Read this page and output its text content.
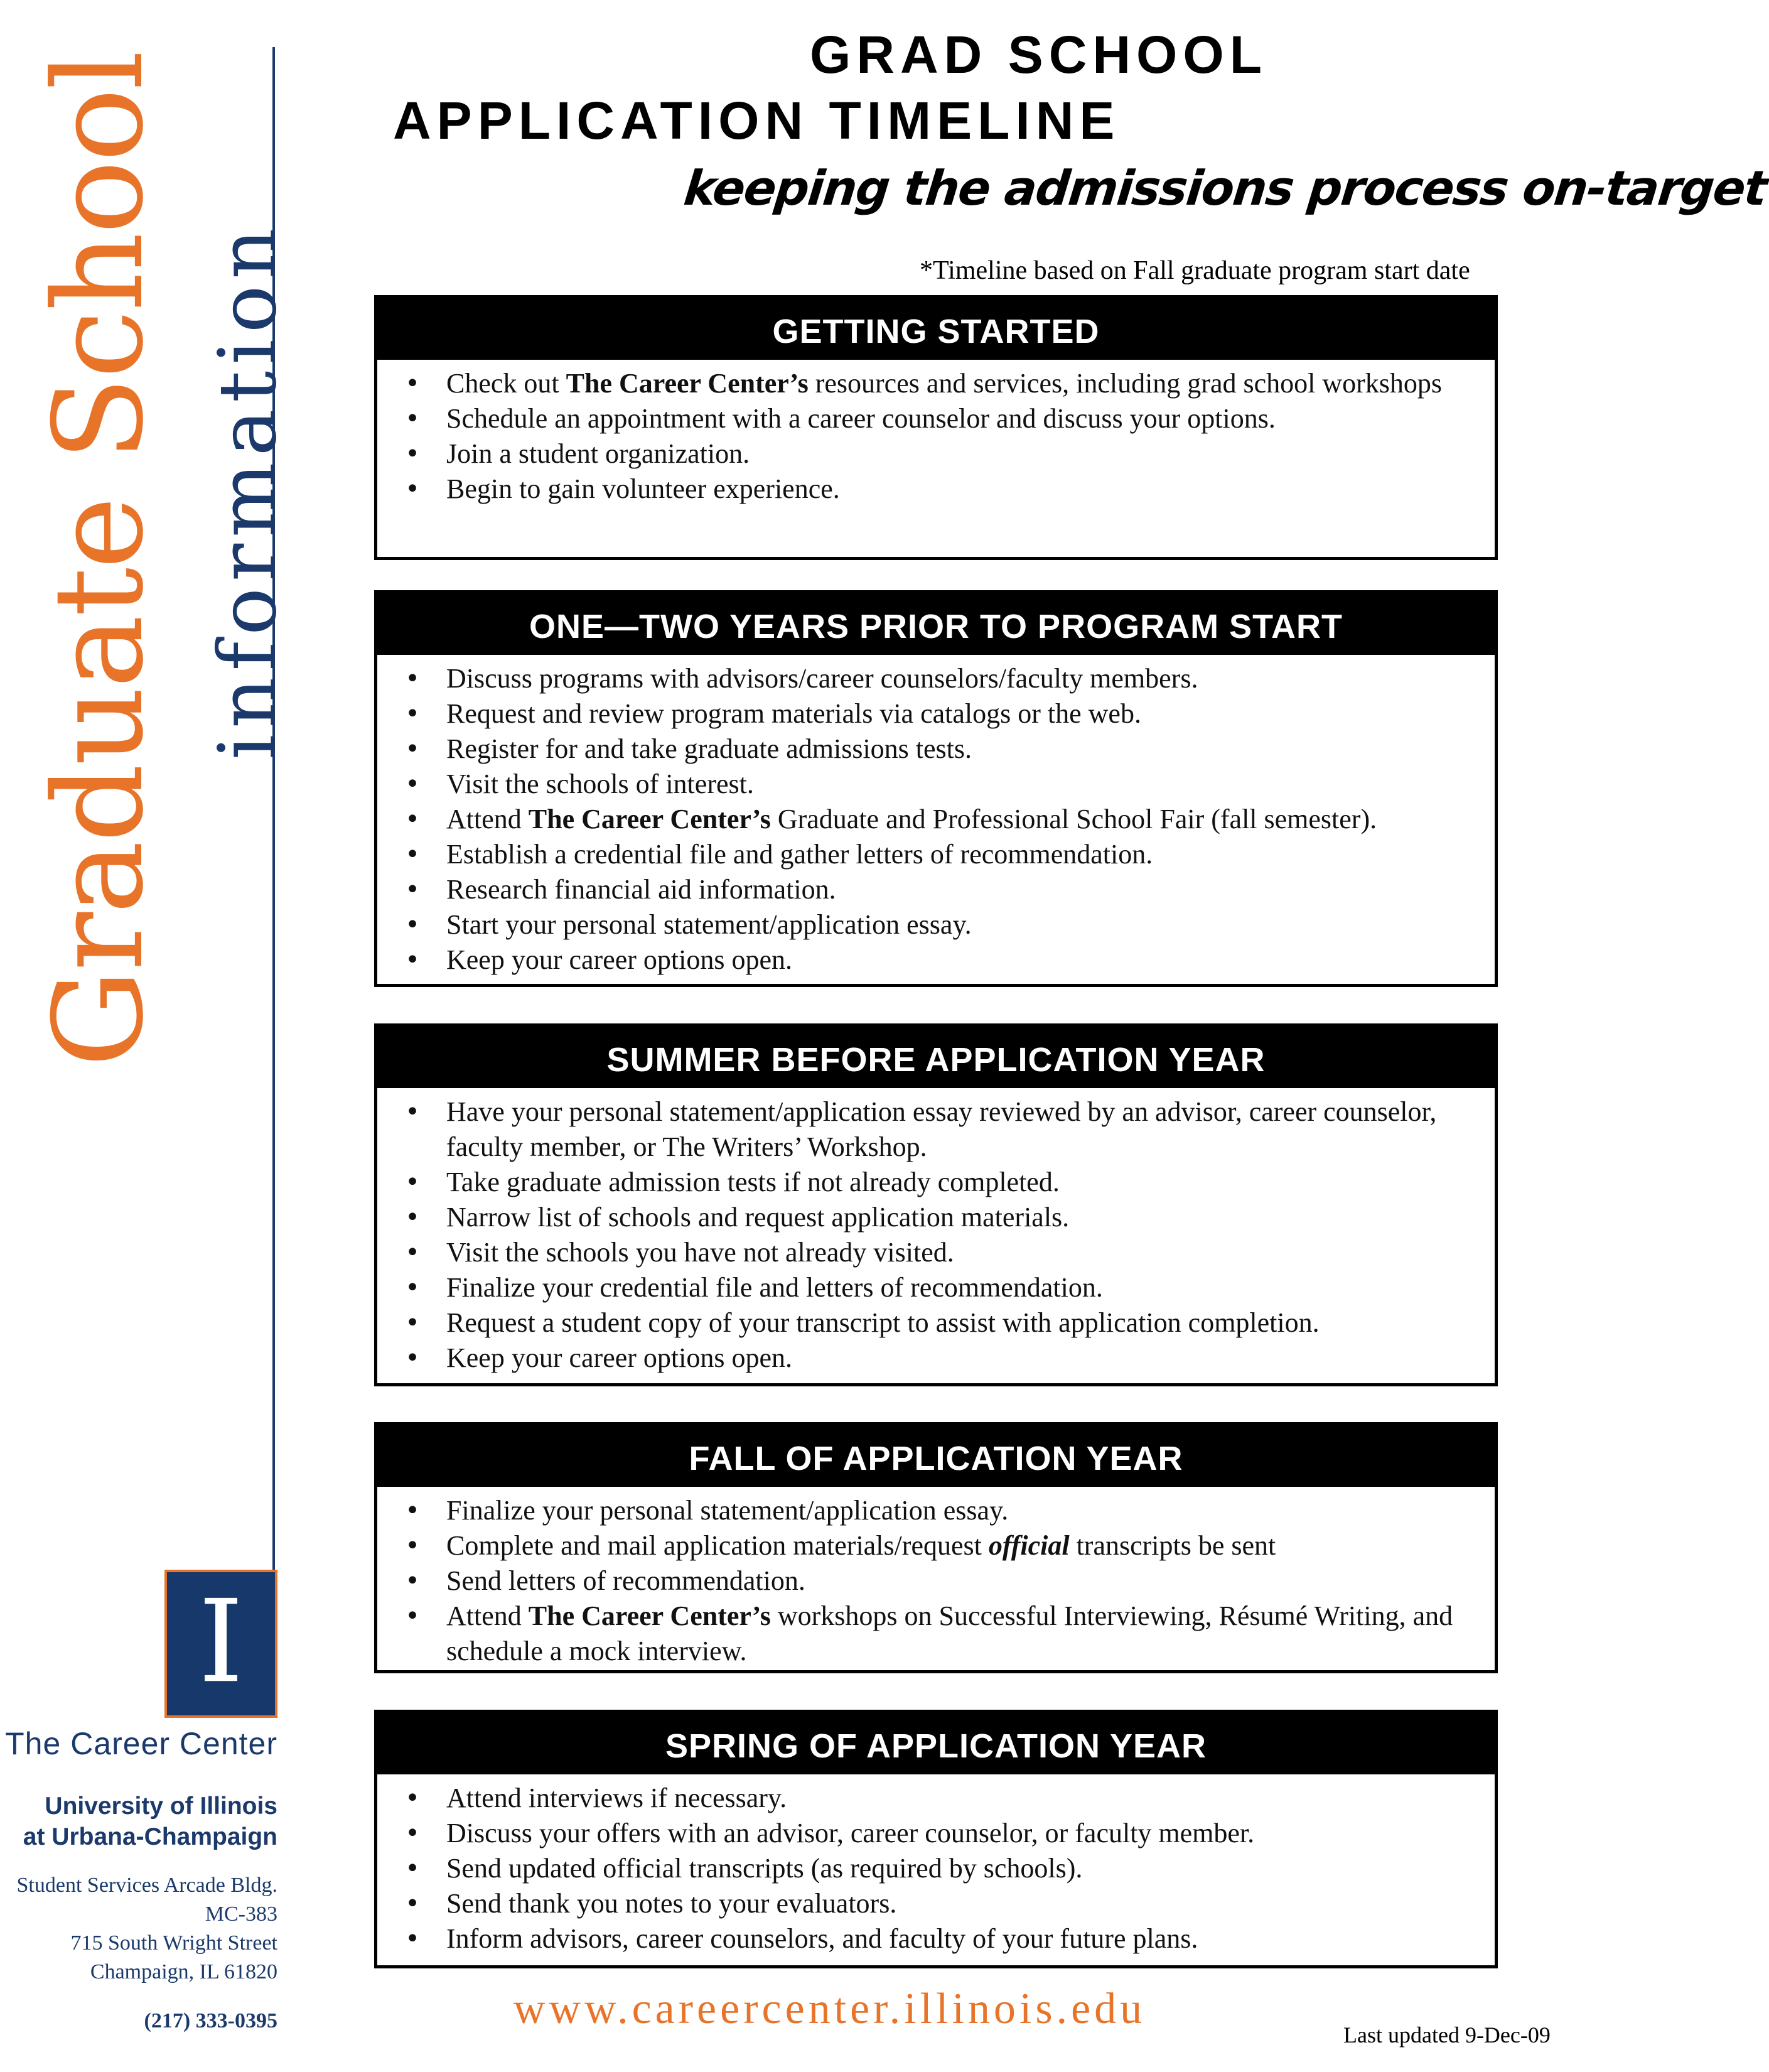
Graduate School information
I
The Career Center
University of Illinois
at Urbana-Champaign
Student Services Arcade Bldg.
MC-383
715 South Wright Street
Champaign, IL 61820
(217) 333-0395
GRAD SCHOOL
APPLICATION TIMELINE
keeping the admissions process on-target
*Timeline based on Fall graduate program start date
GETTING STARTED
• Check out The Career Center’s resources and services, including grad school workshops
• Schedule an appointment with a career counselor and discuss your options.
• Join a student organization.
• Begin to gain volunteer experience.
ONE—TWO YEARS PRIOR TO PROGRAM START
• Discuss programs with advisors/career counselors/faculty members.
• Request and review program materials via catalogs or the web.
• Register for and take graduate admissions tests.
• Visit the schools of interest.
• Attend The Career Center’s Graduate and Professional School Fair (fall semester).
• Establish a credential file and gather letters of recommendation.
• Research financial aid information.
• Start your personal statement/application essay.
• Keep your career options open.
SUMMER BEFORE APPLICATION YEAR
• Have your personal statement/application essay reviewed by an advisor, career counselor, faculty member, or The Writers’ Workshop.
• Take graduate admission tests if not already completed.
• Narrow list of schools and request application materials.
• Visit the schools you have not already visited.
• Finalize your credential file and letters of recommendation.
• Request a student copy of your transcript to assist with application completion.
• Keep your career options open.
FALL OF APPLICATION YEAR
• Finalize your personal statement/application essay.
• Complete and mail application materials/request official transcripts be sent
• Send letters of recommendation.
• Attend The Career Center’s workshops on Successful Interviewing, Résumé Writing, and schedule a mock interview.
SPRING OF APPLICATION YEAR
• Attend interviews if necessary.
• Discuss your offers with an advisor, career counselor, or faculty member.
• Send updated official transcripts (as required by schools).
• Send thank you notes to your evaluators.
• Inform advisors, career counselors, and faculty of your future plans.
www.careercenter.illinois.edu
Last updated 9-Dec-09
